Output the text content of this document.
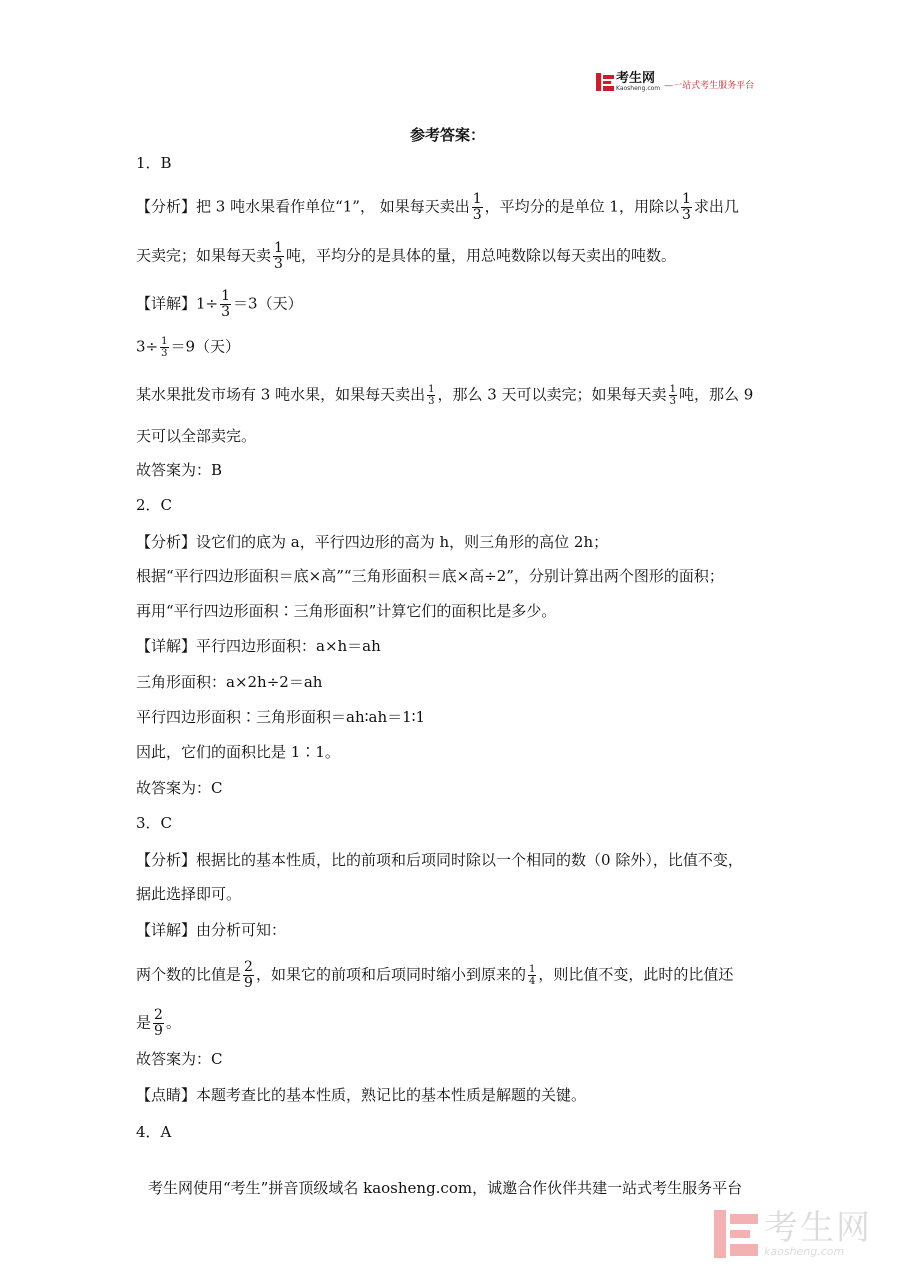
考生网
Kaosheng.com —一站式考生服务平台
参考答案：
1．B
【分析】把 3 吨水果看作单位“1”， 如果每天卖出 $\frac{1}{3}$ ，平均分的是单位 1，用除以 $\frac{1}{3}$ 求出几
天卖完；如果每天卖 $\frac{1}{3}$ 吨，平均分的是具体的量，用总吨数除以每天卖出的吨数。
【详解】$1\div \frac{1}{3} =3$（天）
$3\div \frac{1}{3} =9$（天）
某水果批发市场有 3 吨水果，如果每天卖出 $\frac{1}{3}$ ，那么 3 天可以卖完；如果每天卖 $\frac{1}{3}$ 吨，那么 9
天可以全部卖完。
故答案为：B
2．C
【分析】设它们的底为 a，平行四边形的高为 h，则三角形的高位 2h；
根据“平行四边形面积＝底×高”“三角形面积＝底×高÷2”，分别计算出两个图形的面积；
再用“平行四边形面积∶三角形面积”计算它们的面积比是多少。
【详解】平行四边形面积：a×h＝ah
三角形面积：a×2h÷2＝ah
平行四边形面积∶三角形面积＝ah∶ah＝1∶1
因此，它们的面积比是 1∶1。
故答案为：C
3．C
【分析】根据比的基本性质，比的前项和后项同时除以一个相同的数（0 除外），比值不变，
据此选择即可。
【详解】由分析可知：
两个数的比值是 $\frac{2}{9}$ ，如果它的前项和后项同时缩小到原来的 $\frac{1}{4}$ ，则比值不变，此时的比值还
是 $\frac{2}{9}$ 。
故答案为：C
【点睛】本题考查比的基本性质，熟记比的基本性质是解题的关键。
4．A
考生网使用“考生”拼音顶级域名 kaosheng.com，诚邀合作伙伴共建一站式考生服务平台
考生网
kaosheng.com
